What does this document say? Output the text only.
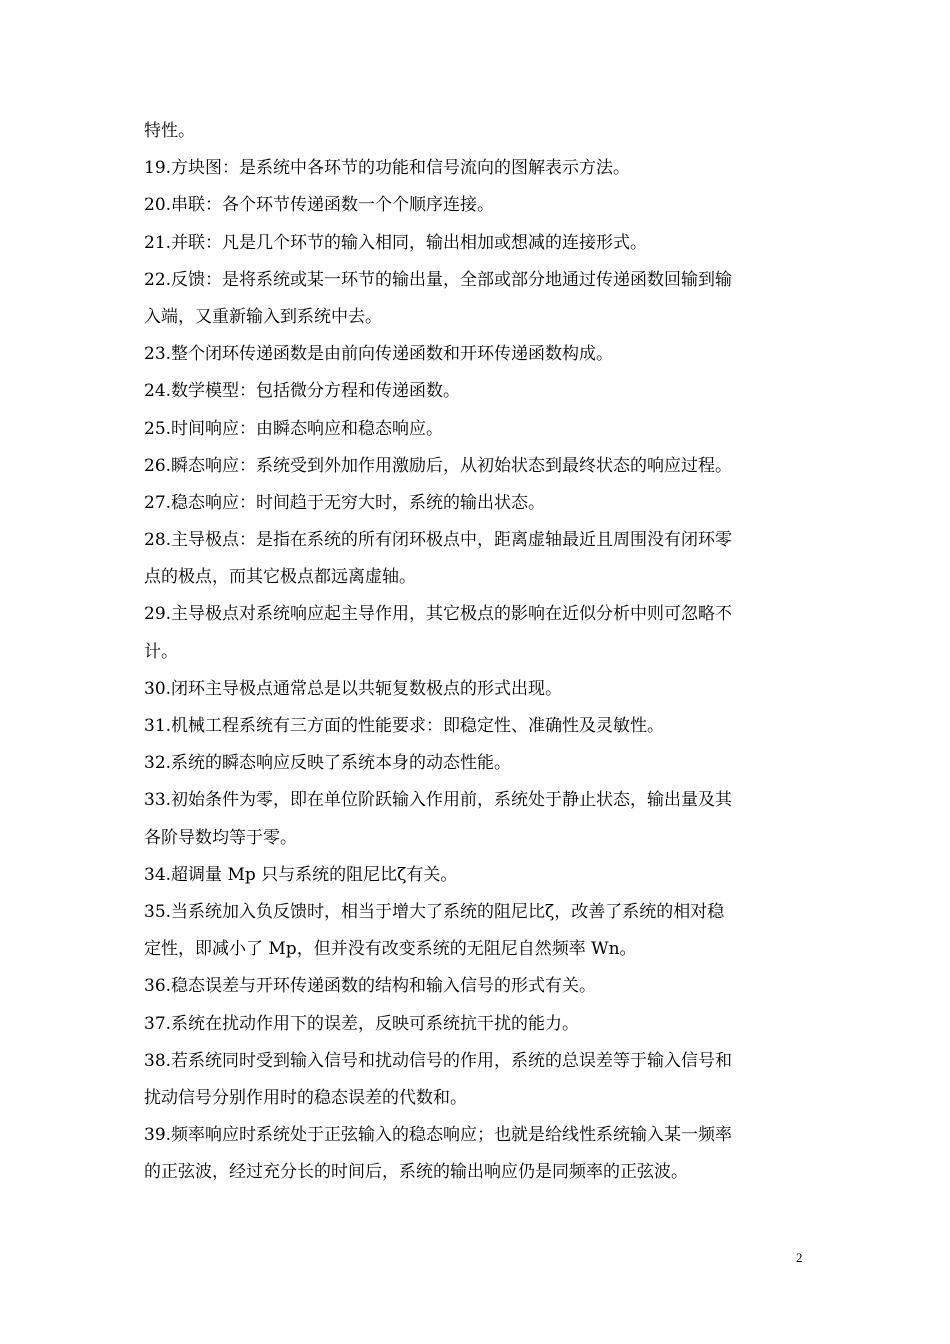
特性。
19.方块图：是系统中各环节的功能和信号流向的图解表示方法。
20.串联：各个环节传递函数一个个顺序连接。
21.并联：凡是几个环节的输入相同，输出相加或想减的连接形式。
22.反馈：是将系统或某一环节的输出量，全部或部分地通过传递函数回输到输
入端，又重新输入到系统中去。
23.整个闭环传递函数是由前向传递函数和开环传递函数构成。
24.数学模型：包括微分方程和传递函数。
25.时间响应：由瞬态响应和稳态响应。
26.瞬态响应：系统受到外加作用激励后，从初始状态到最终状态的响应过程。
27.稳态响应：时间趋于无穷大时，系统的输出状态。
28.主导极点：是指在系统的所有闭环极点中，距离虚轴最近且周围没有闭环零
点的极点，而其它极点都远离虚轴。
29.主导极点对系统响应起主导作用，其它极点的影响在近似分析中则可忽略不
计。
30.闭环主导极点通常总是以共轭复数极点的形式出现。
31.机械工程系统有三方面的性能要求：即稳定性、准确性及灵敏性。
32.系统的瞬态响应反映了系统本身的动态性能。
33.初始条件为零，即在单位阶跃输入作用前，系统处于静止状态，输出量及其
各阶导数均等于零。
34.超调量 Mp 只与系统的阻尼比ζ有关。
35.当系统加入负反馈时，相当于增大了系统的阻尼比ζ，改善了系统的相对稳
定性，即减小了 Mp，但并没有改变系统的无阻尼自然频率 Wn。
36.稳态误差与开环传递函数的结构和输入信号的形式有关。
37.系统在扰动作用下的误差，反映可系统抗干扰的能力。
38.若系统同时受到输入信号和扰动信号的作用，系统的总误差等于输入信号和
扰动信号分别作用时的稳态误差的代数和。
39.频率响应时系统处于正弦输入的稳态响应；也就是给线性系统输入某一频率
的正弦波，经过充分长的时间后，系统的输出响应仍是同频率的正弦波。
2
